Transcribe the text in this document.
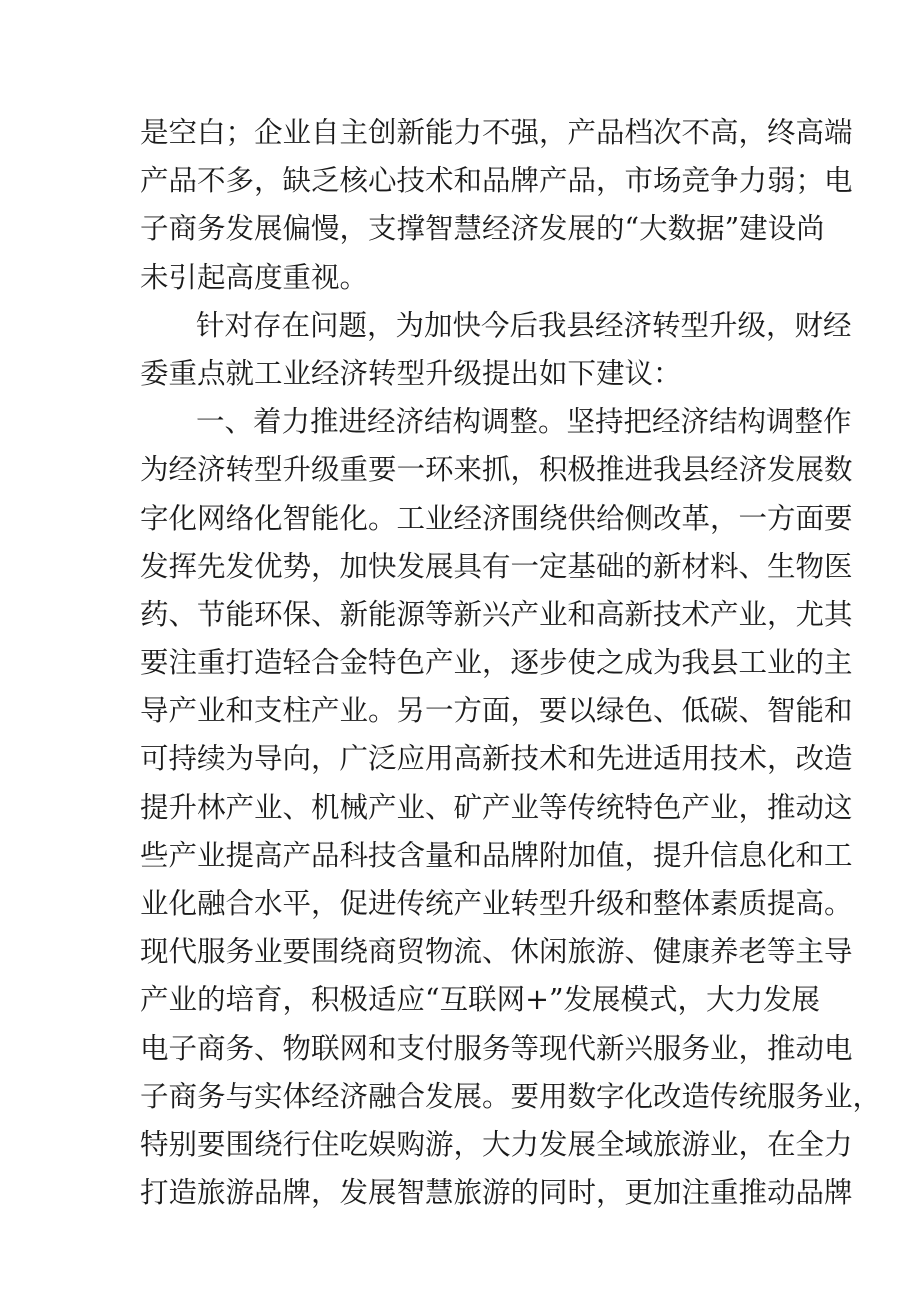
是空白；企业自主创新能力不强，产品档次不高，终高端
产品不多，缺乏核心技术和品牌产品，市场竞争力弱；电
子商务发展偏慢，支撑智慧经济发展的“大数据”建设尚
未引起高度重视。
针对存在问题，为加快今后我县经济转型升级，财经
委重点就工业经济转型升级提出如下建议：
一、着力推进经济结构调整。坚持把经济结构调整作
为经济转型升级重要一环来抓，积极推进我县经济发展数
字化网络化智能化。工业经济围绕供给侧改革，一方面要
发挥先发优势，加快发展具有一定基础的新材料、生物医
药、节能环保、新能源等新兴产业和高新技术产业，尤其
要注重打造轻合金特色产业，逐步使之成为我县工业的主
导产业和支柱产业。另一方面，要以绿色、低碳、智能和
可持续为导向，广泛应用高新技术和先进适用技术，改造
提升林产业、机械产业、矿产业等传统特色产业，推动这
些产业提高产品科技含量和品牌附加值，提升信息化和工
业化融合水平，促进传统产业转型升级和整体素质提高。
现代服务业要围绕商贸物流、休闲旅游、健康养老等主导
产业的培育，积极适应“互联网+”发展模式，大力发展
电子商务、物联网和支付服务等现代新兴服务业，推动电
子商务与实体经济融合发展。要用数字化改造传统服务业，
特别要围绕行住吃娱购游，大力发展全域旅游业，在全力
打造旅游品牌，发展智慧旅游的同时，更加注重推动品牌
